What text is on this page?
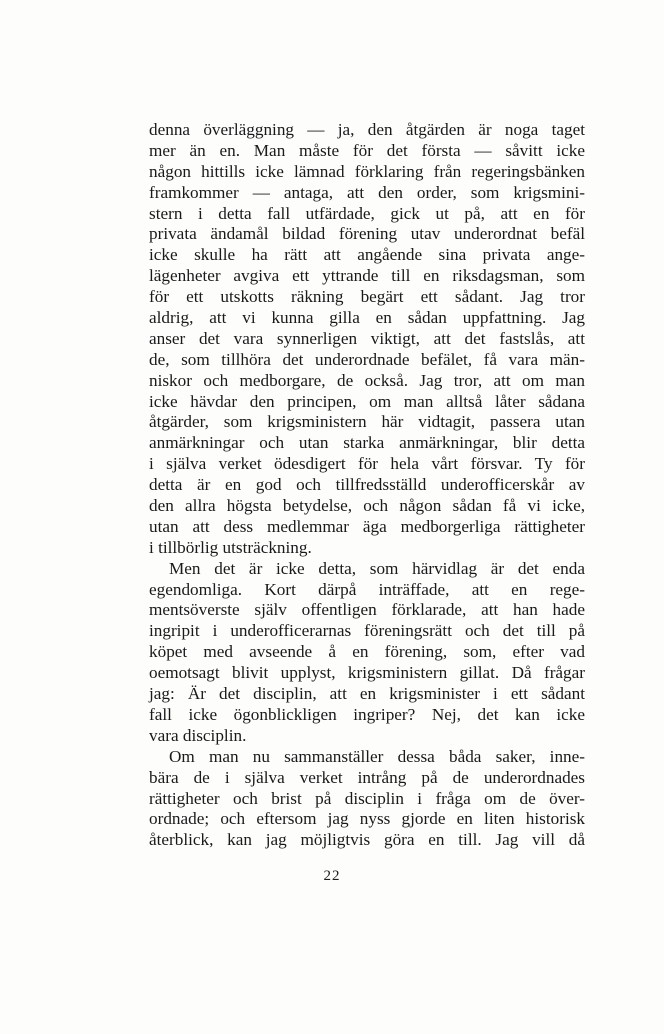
denna överläggning — ja, den åtgärden är noga taget
mer än en. Man måste för det första — såvitt icke
någon hittills icke lämnad förklaring från regeringsbänken
framkommer — antaga, att den order, som krigsmini-
stern i detta fall utfärdade, gick ut på, att en för
privata ändamål bildad förening utav underordnat befäl
icke skulle ha rätt att angående sina privata ange-
lägenheter avgiva ett yttrande till en riksdagsman, som
för ett utskotts räkning begärt ett sådant. Jag tror
aldrig, att vi kunna gilla en sådan uppfattning. Jag
anser det vara synnerligen viktigt, att det fastslås, att
de, som tillhöra det underordnade befälet, få vara män-
niskor och medborgare, de också. Jag tror, att om man
icke hävdar den principen, om man alltså låter sådana
åtgärder, som krigsministern här vidtagit, passera utan
anmärkningar och utan starka anmärkningar, blir detta
i själva verket ödesdigert för hela vårt försvar. Ty för
detta är en god och tillfredsställd underofficerskår av
den allra högsta betydelse, och någon sådan få vi icke,
utan att dess medlemmar äga medborgerliga rättigheter
i tillbörlig utsträckning.
Men det är icke detta, som härvidlag är det enda
egendomliga. Kort därpå inträffade, att en rege-
mentsöverste själv offentligen förklarade, att han hade
ingripit i underofficerarnas föreningsrätt och det till på
köpet med avseende å en förening, som, efter vad
oemotsagt blivit upplyst, krigsministern gillat. Då frågar
jag: Är det disciplin, att en krigsminister i ett sådant
fall icke ögonblickligen ingriper? Nej, det kan icke
vara disciplin.
Om man nu sammanställer dessa båda saker, inne-
bära de i själva verket intrång på de underordnades
rättigheter och brist på disciplin i fråga om de över-
ordnade; och eftersom jag nyss gjorde en liten historisk
återblick, kan jag möjligtvis göra en till. Jag vill då
22
